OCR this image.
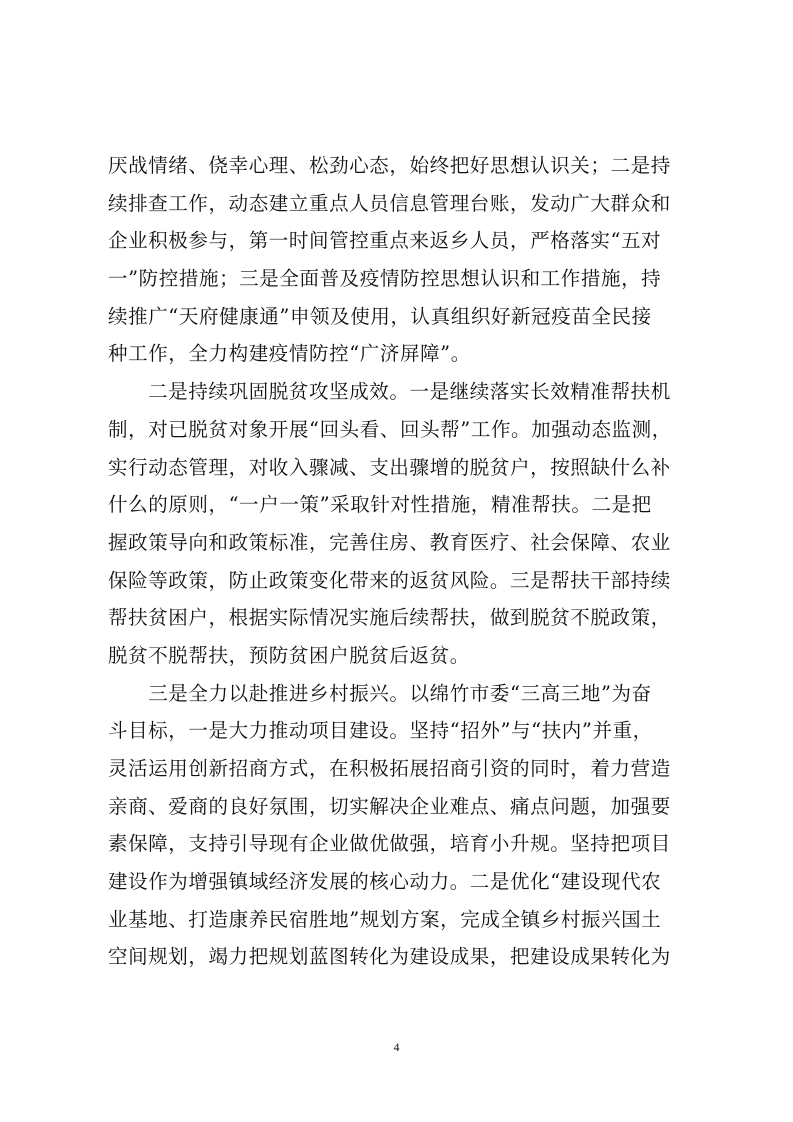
厌战情绪、侥幸心理、松劲心态，始终把好思想认识关；二是持
续排查工作，动态建立重点人员信息管理台账，发动广大群众和
企业积极参与，第一时间管控重点来返乡人员，严格落实“五对
一”防控措施；三是全面普及疫情防控思想认识和工作措施，持
续推广“天府健康通”申领及使用，认真组织好新冠疫苗全民接
种工作，全力构建疫情防控“广济屏障”。
　　二是持续巩固脱贫攻坚成效。一是继续落实长效精准帮扶机
制，对已脱贫对象开展“回头看、回头帮”工作。加强动态监测，
实行动态管理，对收入骤减、支出骤增的脱贫户，按照缺什么补
什么的原则，“一户一策”采取针对性措施，精准帮扶。二是把
握政策导向和政策标准，完善住房、教育医疗、社会保障、农业
保险等政策，防止政策变化带来的返贫风险。三是帮扶干部持续
帮扶贫困户，根据实际情况实施后续帮扶，做到脱贫不脱政策，
脱贫不脱帮扶，预防贫困户脱贫后返贫。
　　三是全力以赴推进乡村振兴。以绵竹市委“三高三地”为奋
斗目标，一是大力推动项目建设。坚持“招外”与“扶内”并重，
灵活运用创新招商方式，在积极拓展招商引资的同时，着力营造
亲商、爱商的良好氛围，切实解决企业难点、痛点问题，加强要
素保障，支持引导现有企业做优做强，培育小升规。坚持把项目
建设作为增强镇域经济发展的核心动力。二是优化“建设现代农
业基地、打造康养民宿胜地”规划方案，完成全镇乡村振兴国土
空间规划，竭力把规划蓝图转化为建设成果，把建设成果转化为
4
